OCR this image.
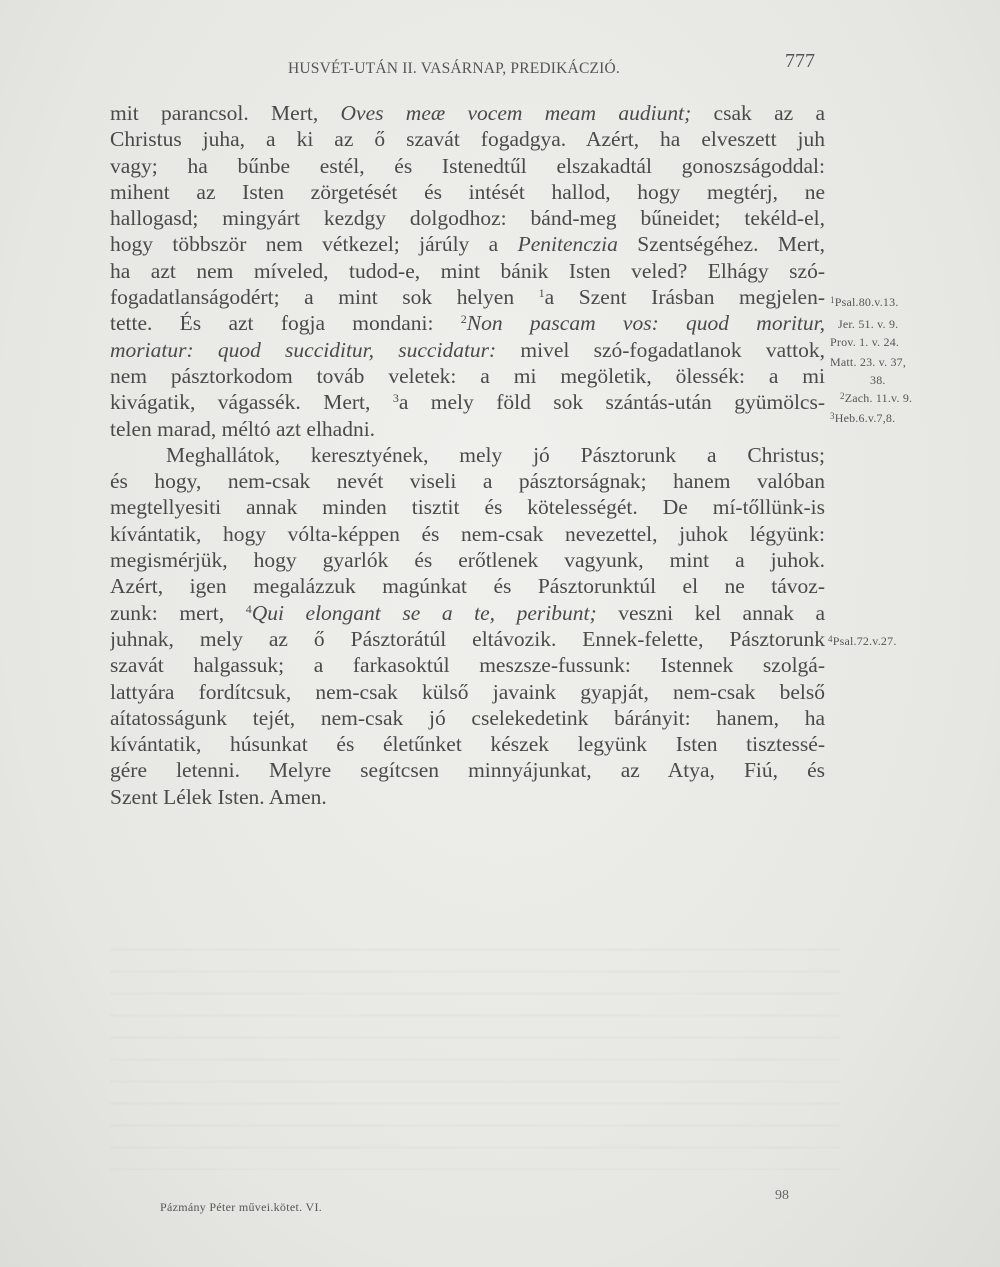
HUSVÉT-UTÁN II. VASÁRNAP, PREDIKÁCZIÓ.	777
mit parancsol. Mert, Oves meæ vocem meam audiunt; csak az a
Christus juha, a ki az ő szavát fogadgya. Azért, ha elveszett juh
vagy; ha bűnbe estél, és Istenedtűl elszakadtál gonoszságoddal:
mihent az Isten zörgetését és intését hallod, hogy megtérj, ne
hallogasd; mingyárt kezdgy dolgodhoz: bánd-meg bűneidet; tekéld-el,
hogy többször nem vétkezel; járúly a Penitenczia Szentségéhez. Mert,
ha azt nem míveled, tudod-e, mint bánik Isten veled? Elhágy szó-
fogadatlanságodért; a mint sok helyen $^1$a Szent Irásban megjelen-
tette. És azt fogja mondani: $^2$Non pascam vos: quod moritur,
moriatur: quod succiditur, succidatur: mivel szó-fogadatlanok vattok,
nem pásztorkodom továb veletek: a mi megöletik, ölessék: a mi
kivágatik, vágassék. Mert, $^3$a mely föld sok szántás-után gyümölcs-
telen marad, méltó azt elhadni.
Meghallátok, keresztyének, mely jó Pásztorunk a Christus;
és hogy, nem-csak nevét viseli a pásztorságnak; hanem valóban
megtellyesiti annak minden tisztit és kötelességét. De mí-tőllünk-is
kívántatik, hogy vólta-képpen és nem-csak nevezettel, juhok légyünk:
megismérjük, hogy gyarlók és erőtlenek vagyunk, mint a juhok.
Azért, igen megalázzuk magúnkat és Pásztorunktúl el ne távoz-
zunk: mert, $^4$Qui elongant se a te, peribunt; veszni kel annak a
juhnak, mely az ő Pásztorátúl eltávozik. Ennek-felette, Pásztorunk
szavát halgassuk; a farkasoktúl meszsze-fussunk: Istennek szolgá-
lattyára fordítcsuk, nem-csak külső javaink gyapját, nem-csak belső
aítatosságunk tejét, nem-csak jó cselekedetink bárányit: hanem, ha
kívántatik, húsunkat és életűnket készek legyünk Isten tisztessé-
gére letenni. Melyre segítcsen minnyájunkat, az Atya, Fiú, és
Szent Lélek Isten. Amen.
$^1$Psal.80.v.13.
Jer. 51. v. 9.
Prov. 1. v. 24.
Matt. 23. v. 37,
38.
$^2$Zach. 11.v. 9.
$^3$Heb.6.v.7,8.
$^4$Psal.72.v.27.
Pázmány Péter művei.kötet. VI.
98
